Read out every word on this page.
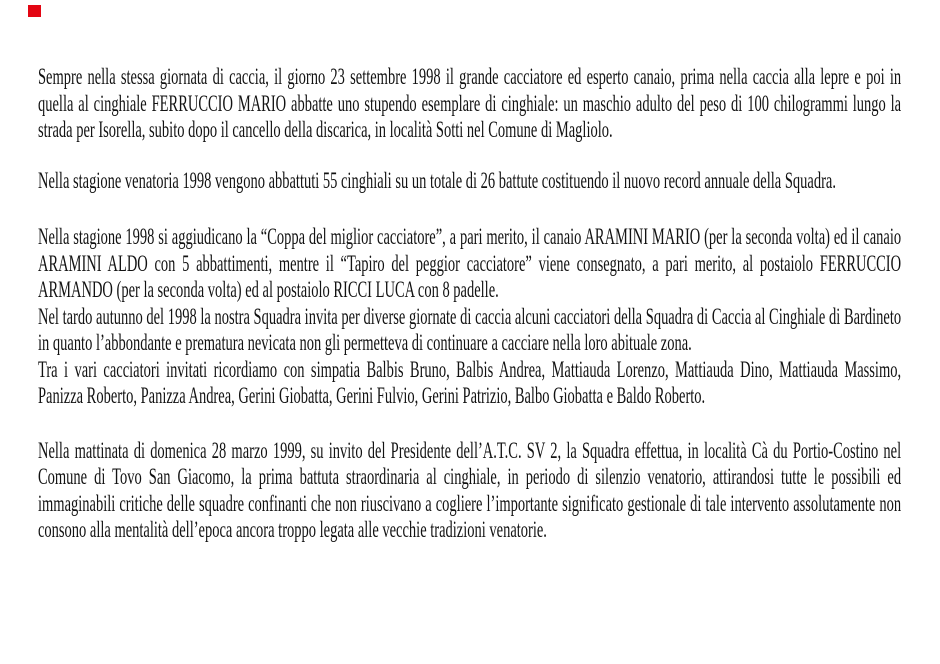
Sempre nella stessa giornata di caccia, il giorno 23 settembre 1998 il grande cacciatore ed esperto canaio, prima nella caccia alla lepre e poi in quella al cinghiale FERRUCCIO MARIO abbatte uno stupendo esemplare di cinghiale: un maschio adulto del peso di 100 chilogrammi lungo la strada per Isorella, subito dopo il cancello della discarica, in località Sotti nel Comune di Magliolo.

Nella stagione venatoria 1998 vengono abbattuti 55 cinghiali su un totale di 26 battute costituendo il nuovo record annuale della Squadra.

Nella stagione 1998 si aggiudicano la “Coppa del miglior cacciatore”, a pari merito, il canaio ARAMINI MARIO (per la seconda volta) ed il canaio ARAMINI ALDO con 5 abbattimenti, mentre il “Tapiro del peggior cacciatore” viene consegnato, a pari merito, al postaiolo FERRUCCIO ARMANDO (per la seconda volta) ed al postaiolo RICCI LUCA con 8 padelle.

Nel tardo autunno del 1998 la nostra Squadra invita per diverse giornate di caccia alcuni cacciatori della Squadra di Caccia al Cinghiale di Bardineto in quanto l’abbondante e prematura nevicata non gli permetteva di continuare a cacciare nella loro abituale zona.

Tra i vari cacciatori invitati ricordiamo con simpatia Balbis Bruno, Balbis Andrea, Mattiauda Lorenzo, Mattiauda Dino, Mattiauda Massimo, Panizza Roberto, Panizza Andrea, Gerini Giobatta, Gerini Fulvio, Gerini Patrizio, Balbo Giobatta e Baldo Roberto.

Nella mattinata di domenica 28 marzo 1999, su invito del Presidente dell’A.T.C. SV 2, la Squadra effettua, in località Cà du Portio-Costino nel Comune di Tovo San Giacomo, la prima battuta straordinaria al cinghiale, in periodo di silenzio venatorio, attirandosi tutte le possibili ed immaginabili critiche delle squadre confinanti che non riuscivano a cogliere l’importante significato gestionale di tale intervento assolutamente non consono alla mentalità dell’epoca ancora troppo legata alle vecchie tradizioni venatorie.
